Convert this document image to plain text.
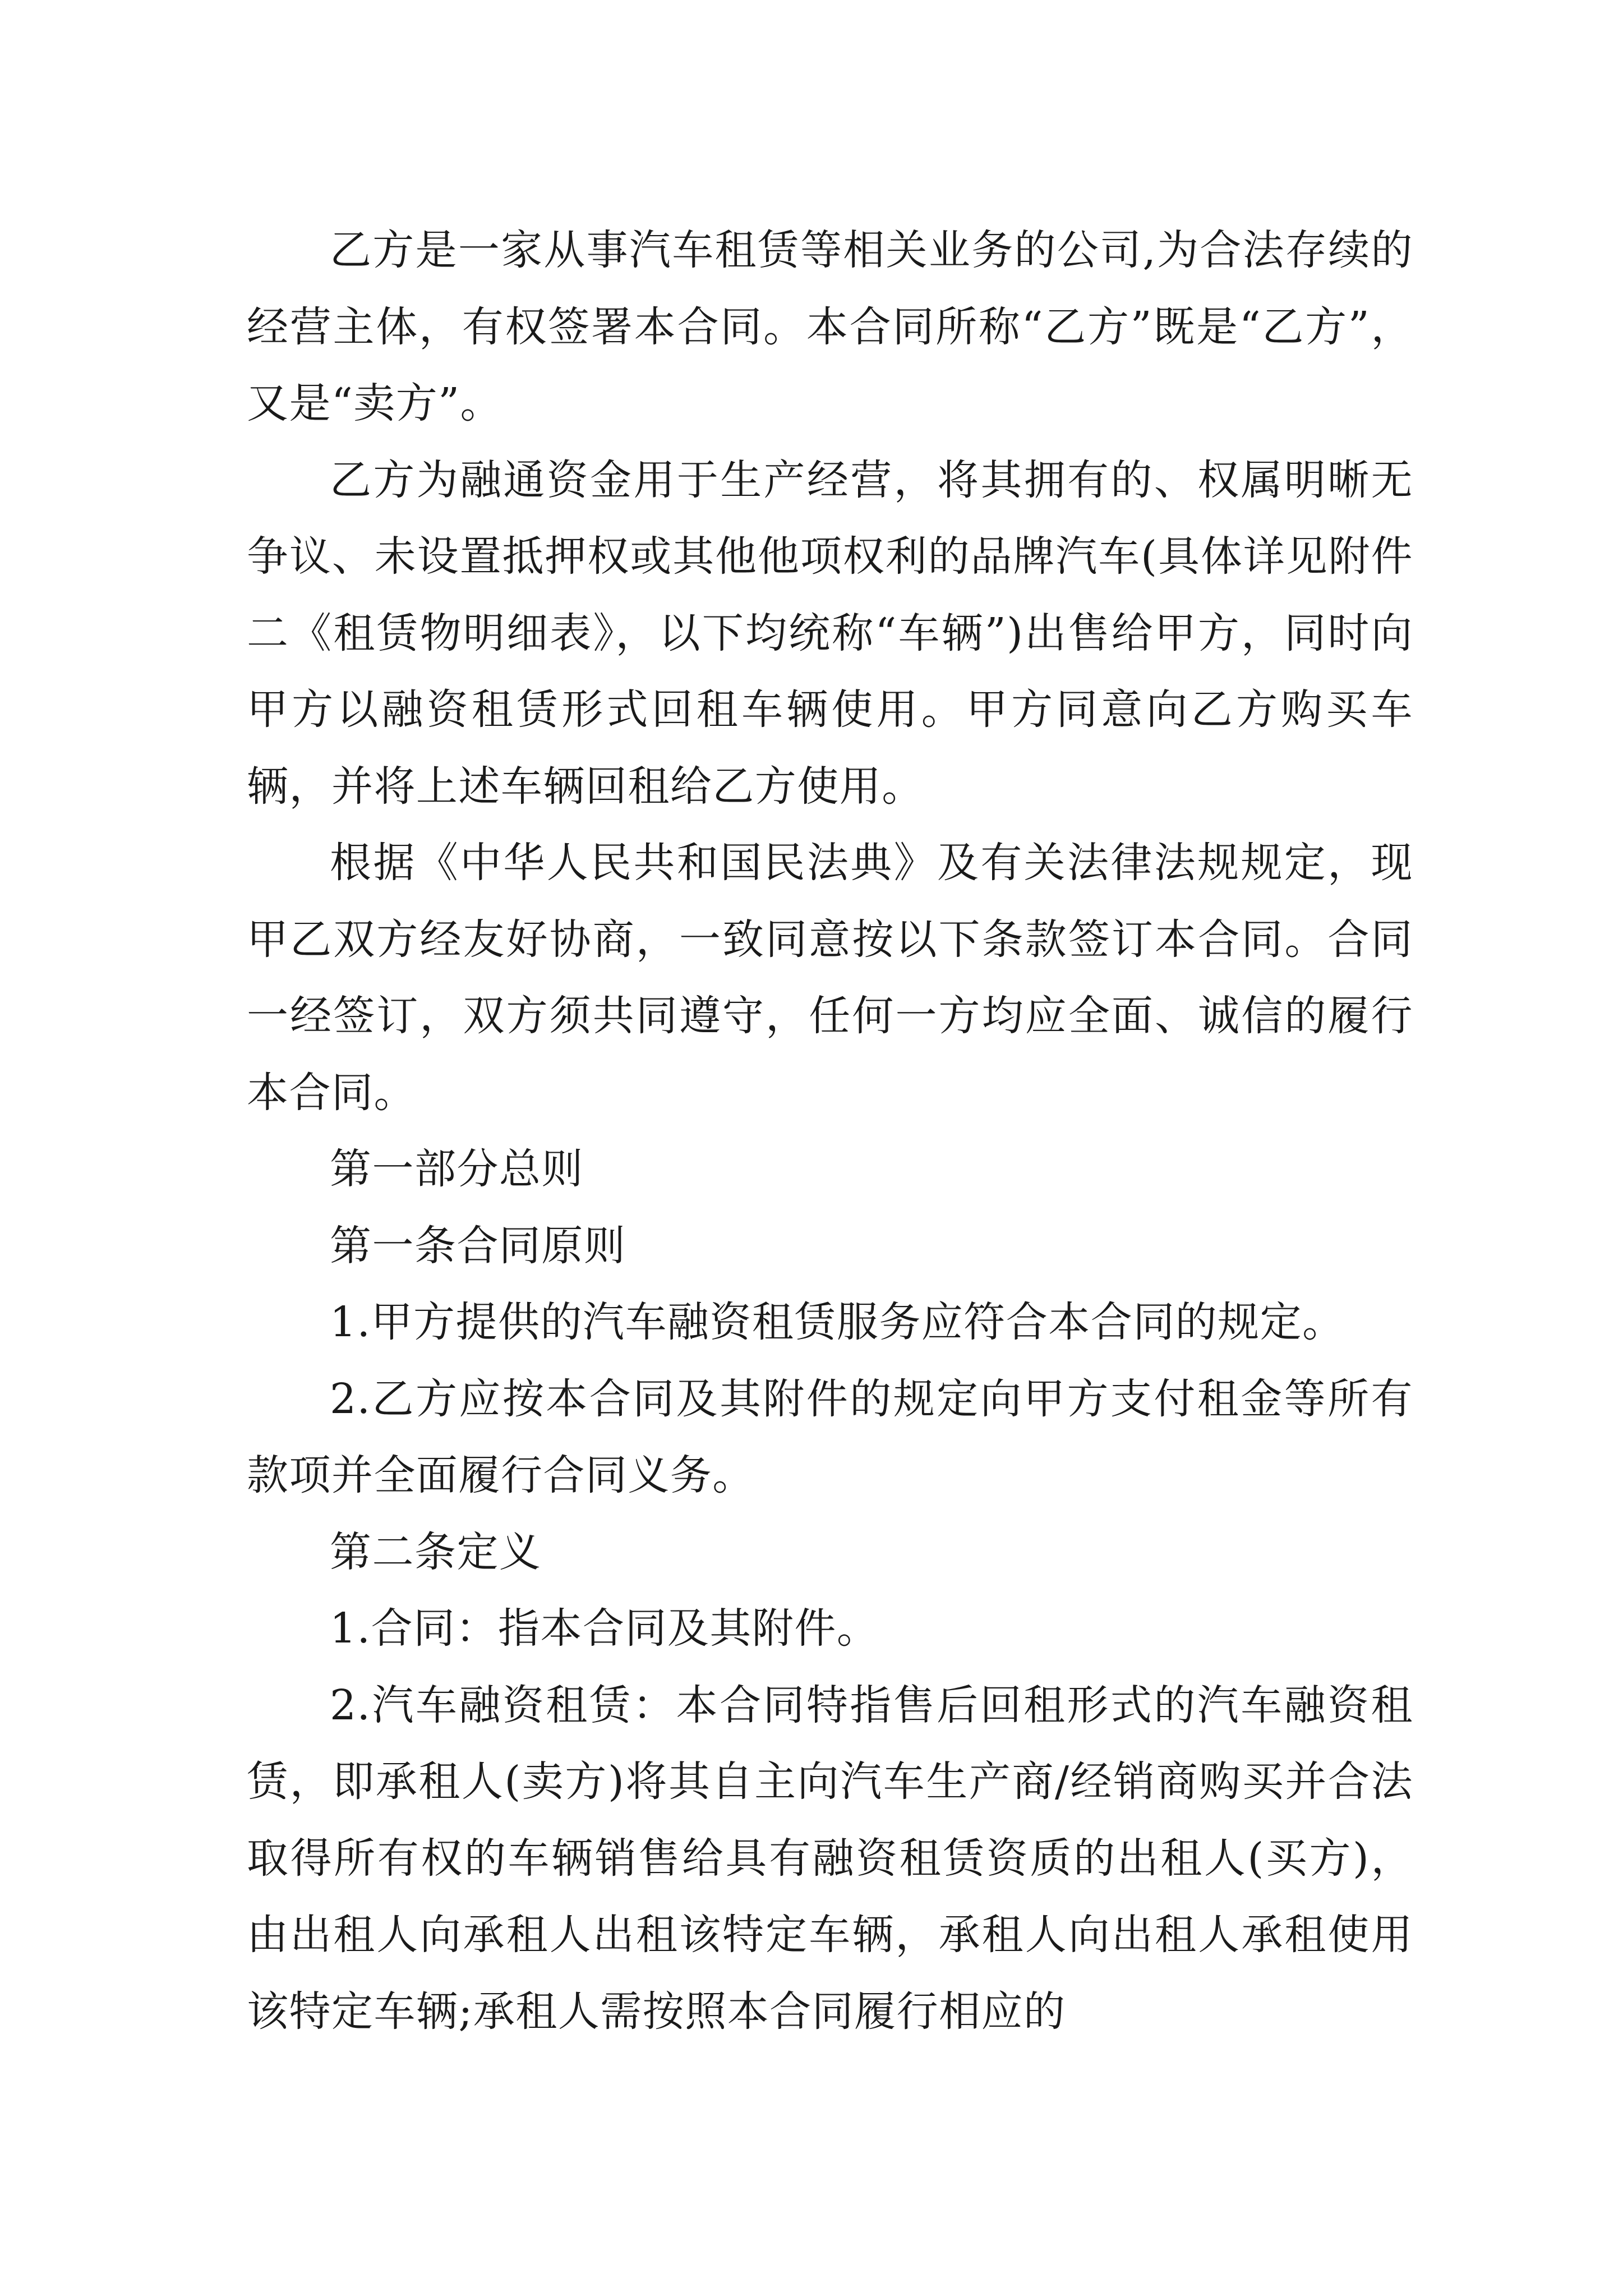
乙方是一家从事汽车租赁等相关业务的公司,为合法存续的经营主体，有权签署本合同。本合同所称“乙方”既是“乙方”，又是“卖方”。

乙方为融通资金用于生产经营，将其拥有的、权属明晰无争议、未设置抵押权或其他他项权利的品牌汽车(具体详见附件二《租赁物明细表》，以下均统称“车辆”)出售给甲方，同时向甲方以融资租赁形式回租车辆使用。甲方同意向乙方购买车辆，并将上述车辆回租给乙方使用。

根据《中华人民共和国民法典》及有关法律法规规定，现甲乙双方经友好协商，一致同意按以下条款签订本合同。合同一经签订，双方须共同遵守，任何一方均应全面、诚信的履行本合同。

第一部分总则

第一条合同原则

1.甲方提供的汽车融资租赁服务应符合本合同的规定。

2.乙方应按本合同及其附件的规定向甲方支付租金等所有款项并全面履行合同义务。

第二条定义

1.合同：指本合同及其附件。

2.汽车融资租赁：本合同特指售后回租形式的汽车融资租赁，即承租人(卖方)将其自主向汽车生产商/经销商购买并合法取得所有权的车辆销售给具有融资租赁资质的出租人(买方)，由出租人向承租人出租该特定车辆，承租人向出租人承租使用该特定车辆;承租人需按照本合同履行相应的
